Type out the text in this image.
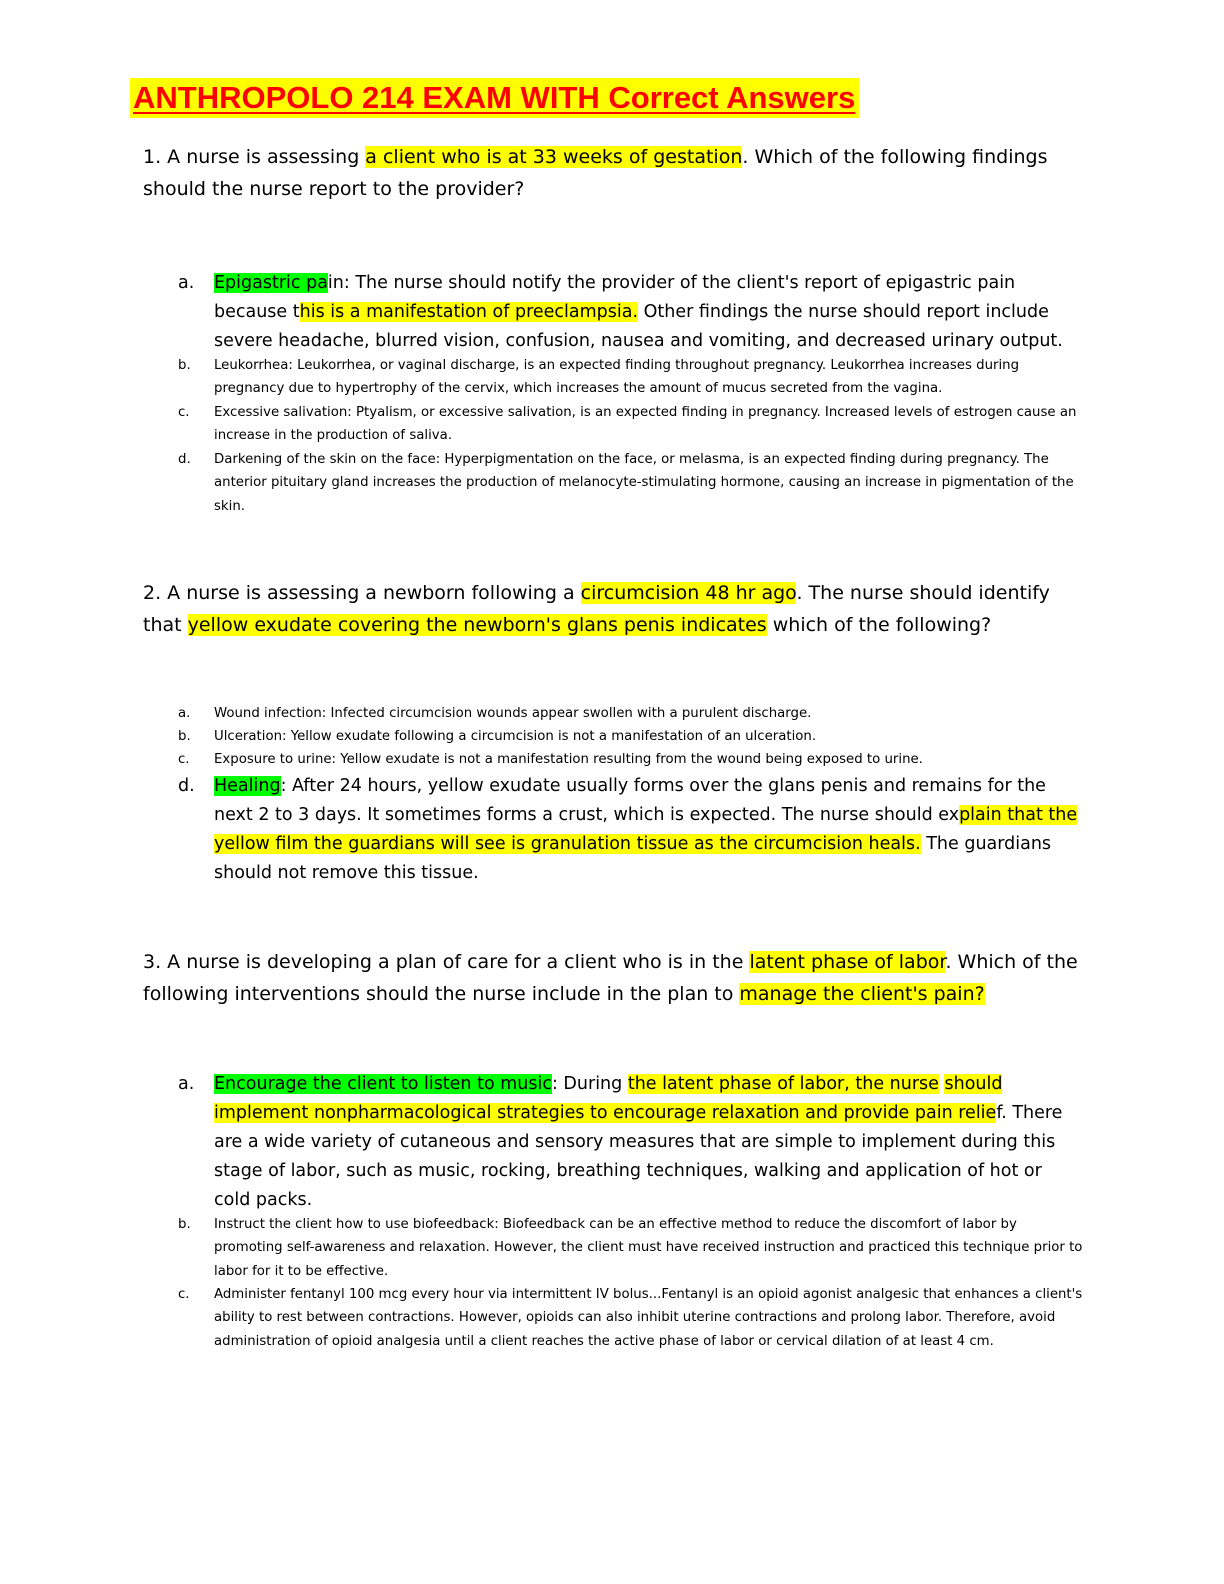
ANTHROPOLO 214 EXAM WITH Correct Answers
1. A nurse is assessing a client who is at 33 weeks of gestation. Which of the following findings should the nurse report to the provider?
a. Epigastric pain: The nurse should notify the provider of the client's report of epigastric pain because this is a manifestation of preeclampsia. Other findings the nurse should report include severe headache, blurred vision, confusion, nausea and vomiting, and decreased urinary output.
b. Leukorrhea: Leukorrhea, or vaginal discharge, is an expected finding throughout pregnancy. Leukorrhea increases during pregnancy due to hypertrophy of the cervix, which increases the amount of mucus secreted from the vagina.
c. Excessive salivation: Ptyalism, or excessive salivation, is an expected finding in pregnancy. Increased levels of estrogen cause an increase in the production of saliva.
d. Darkening of the skin on the face: Hyperpigmentation on the face, or melasma, is an expected finding during pregnancy. The anterior pituitary gland increases the production of melanocyte-stimulating hormone, causing an increase in pigmentation of the skin.
2. A nurse is assessing a newborn following a circumcision 48 hr ago. The nurse should identify that yellow exudate covering the newborn's glans penis indicates which of the following?
a. Wound infection: Infected circumcision wounds appear swollen with a purulent discharge.
b. Ulceration: Yellow exudate following a circumcision is not a manifestation of an ulceration.
c. Exposure to urine: Yellow exudate is not a manifestation resulting from the wound being exposed to urine.
d. Healing: After 24 hours, yellow exudate usually forms over the glans penis and remains for the next 2 to 3 days. It sometimes forms a crust, which is expected. The nurse should explain that the yellow film the guardians will see is granulation tissue as the circumcision heals. The guardians should not remove this tissue.
3. A nurse is developing a plan of care for a client who is in the latent phase of labor. Which of the following interventions should the nurse include in the plan to manage the client's pain?
a. Encourage the client to listen to music: During the latent phase of labor, the nurse should implement nonpharmacological strategies to encourage relaxation and provide pain relief. There are a wide variety of cutaneous and sensory measures that are simple to implement during this stage of labor, such as music, rocking, breathing techniques, walking and application of hot or cold packs.
b. Instruct the client how to use biofeedback: Biofeedback can be an effective method to reduce the discomfort of labor by promoting self-awareness and relaxation. However, the client must have received instruction and practiced this technique prior to labor for it to be effective.
c. Administer fentanyl 100 mcg every hour via intermittent IV bolus...Fentanyl is an opioid agonist analgesic that enhances a client's ability to rest between contractions. However, opioids can also inhibit uterine contractions and prolong labor. Therefore, avoid administration of opioid analgesia until a client reaches the active phase of labor or cervical dilation of at least 4 cm.
